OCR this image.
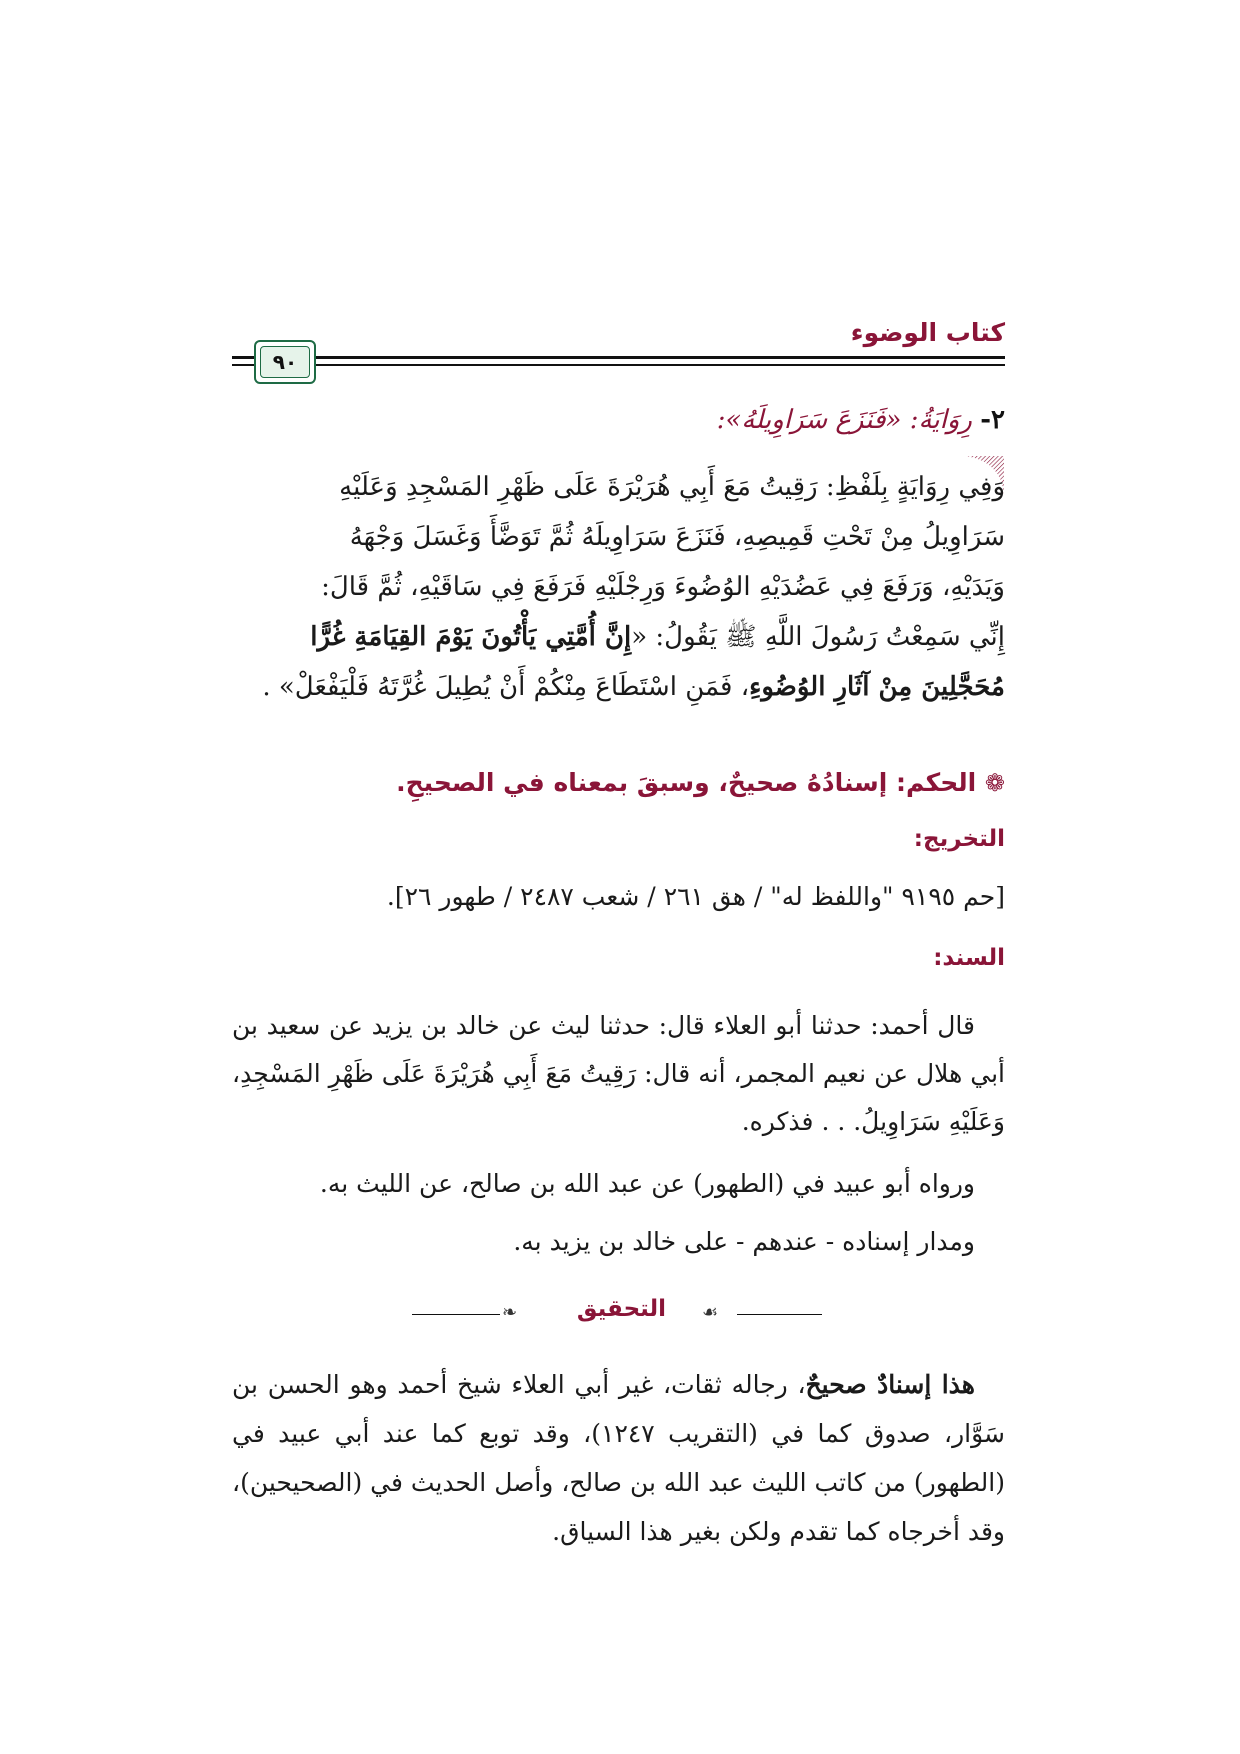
كتاب الوضوء
٩٠
٢- رِوَايَةُ: «فَنَزَعَ سَرَاوِيلَهُ»:
وَفِي رِوَايَةٍ بِلَفْظِ: رَقِيتُ مَعَ أَبِي هُرَيْرَةَ عَلَى ظَهْرِ المَسْجِدِ وَعَلَيْهِ
سَرَاوِيلُ مِنْ تَحْتِ قَمِيصِهِ، فَنَزَعَ سَرَاوِيلَهُ ثُمَّ تَوَضَّأَ وَغَسَلَ وَجْهَهُ
وَيَدَيْهِ، وَرَفَعَ فِي عَضُدَيْهِ الوُضُوءَ وَرِجْلَيْهِ فَرَفَعَ فِي سَاقَيْهِ، ثُمَّ قَالَ:
إِنِّي سَمِعْتُ رَسُولَ اللَّهِ ﷺ يَقُولُ: «إِنَّ أُمَّتِي يَأْتُونَ يَوْمَ القِيَامَةِ غُرًّا
مُحَجَّلِينَ مِنْ آثَارِ الوُضُوءِ، فَمَنِ اسْتَطَاعَ مِنْكُمْ أَنْ يُطِيلَ غُرَّتَهُ فَلْيَفْعَلْ» .
❁ الحكم: إسنادُهُ صحيحٌ، وسبقَ بمعناه في الصحيحِ.
التخريج:
[حم ٩١٩٥ "واللفظ له" / هق ٢٦١ / شعب ٢٤٨٧ / طهور ٢٦].
السند:
قال أحمد: حدثنا أبو العلاء قال: حدثنا ليث عن خالد بن يزيد عن سعيد بن أبي هلال عن نعيم المجمر، أنه قال: رَقِيتُ مَعَ أَبِي هُرَيْرَةَ عَلَى ظَهْرِ المَسْجِدِ، وَعَلَيْهِ سَرَاوِيلُ. . . فذكره.
ورواه أبو عبيد في (الطهور) عن عبد الله بن صالح، عن الليث به.
ومدار إسناده - عندهم - على خالد بن يزيد به.
❧	التحقيق	☙
هذا إسنادٌ صحيحٌ، رجاله ثقات، غير أبي العلاء شيخ أحمد وهو الحسن بن سَوَّار، صدوق كما في (التقريب ١٢٤٧)، وقد توبع كما عند أبي عبيد في (الطهور) من كاتب الليث عبد الله بن صالح، وأصل الحديث في (الصحيحين)، وقد أخرجاه كما تقدم ولكن بغير هذا السياق.
